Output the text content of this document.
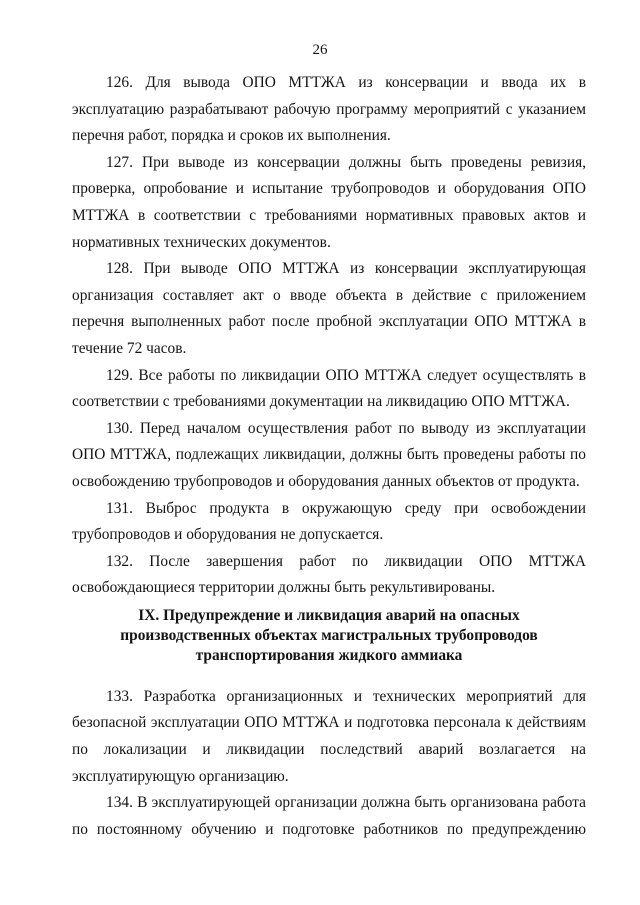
26

126. Для вывода ОПО МТТЖА из консервации и ввода их в эксплуатацию разрабатывают рабочую программу мероприятий с указанием перечня работ, порядка и сроков их выполнения.

127. При выводе из консервации должны быть проведены ревизия, проверка, опробование и испытание трубопроводов и оборудования ОПО МТТЖА в соответствии с требованиями нормативных правовых актов и нормативных технических документов.

128. При выводе ОПО МТТЖА из консервации эксплуатирующая организация составляет акт о вводе объекта в действие с приложением перечня выполненных работ после пробной эксплуатации ОПО МТТЖА в течение 72 часов.

129. Все работы по ликвидации ОПО МТТЖА следует осуществлять в соответствии с требованиями документации на ликвидацию ОПО МТТЖА.

130. Перед началом осуществления работ по выводу из эксплуатации ОПО МТТЖА, подлежащих ликвидации, должны быть проведены работы по освобождению трубопроводов и оборудования данных объектов от продукта.

131. Выброс продукта в окружающую среду при освобождении трубопроводов и оборудования не допускается.

132. После завершения работ по ликвидации ОПО МТТЖА освобождающиеся территории должны быть рекультивированы.

IX. Предупреждение и ликвидация аварий на опасных
производственных объектах магистральных трубопроводов
транспортирования жидкого аммиака

133. Разработка организационных и технических мероприятий для безопасной эксплуатации ОПО МТТЖА и подготовка персонала к действиям по локализации и ликвидации последствий аварий возлагается на эксплуатирующую организацию.

134. В эксплуатирующей организации должна быть организована работа по постоянному обучению и подготовке работников по предупреждению
